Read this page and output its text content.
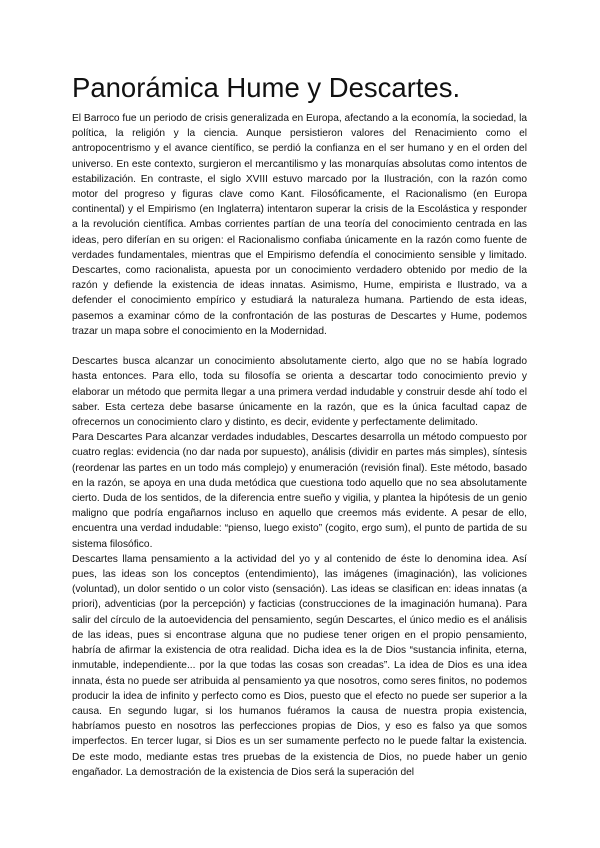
Panorámica Hume y Descartes.

El Barroco fue un periodo de crisis generalizada en Europa, afectando a la economía, la sociedad, la política, la religión y la ciencia. Aunque persistieron valores del Renacimiento como el antropocentrismo y el avance científico, se perdió la confianza en el ser humano y en el orden del universo. En este contexto, surgieron el mercantilismo y las monarquías absolutas como intentos de estabilización. En contraste, el siglo XVIII estuvo marcado por la Ilustración, con la razón como motor del progreso y figuras clave como Kant. Filosóficamente, el Racionalismo (en Europa continental) y el Empirismo (en Inglaterra) intentaron superar la crisis de la Escolástica y responder a la revolución científica. Ambas corrientes partían de una teoría del conocimiento centrada en las ideas, pero diferían en su origen: el Racionalismo confiaba únicamente en la razón como fuente de verdades fundamentales, mientras que el Empirismo defendía el conocimiento sensible y limitado. Descartes, como racionalista, apuesta por un conocimiento verdadero obtenido por medio de la razón y defiende la existencia de ideas innatas. Asimismo, Hume, empirista e Ilustrado, va a defender el conocimiento empírico y estudiará la naturaleza humana. Partiendo de esta ideas, pasemos a examinar cómo de la confrontación de las posturas de Descartes y Hume, podemos trazar un mapa sobre el conocimiento en la Modernidad.

Descartes busca alcanzar un conocimiento absolutamente cierto, algo que no se había logrado hasta entonces. Para ello, toda su filosofía se orienta a descartar todo conocimiento previo y elaborar un método que permita llegar a una primera verdad indudable y construir desde ahí todo el saber. Esta certeza debe basarse únicamente en la razón, que es la única facultad capaz de ofrecernos un conocimiento claro y distinto, es decir, evidente y perfectamente delimitado.

Para Descartes Para alcanzar verdades indudables, Descartes desarrolla un método compuesto por cuatro reglas: evidencia (no dar nada por supuesto), análisis (dividir en partes más simples), síntesis (reordenar las partes en un todo más complejo) y enumeración (revisión final). Este método, basado en la razón, se apoya en una duda metódica que cuestiona todo aquello que no sea absolutamente cierto. Duda de los sentidos, de la diferencia entre sueño y vigilia, y plantea la hipótesis de un genio maligno que podría engañarnos incluso en aquello que creemos más evidente. A pesar de ello, encuentra una verdad indudable: “pienso, luego existo” (cogito, ergo sum), el punto de partida de su sistema filosófico.

Descartes llama pensamiento a la actividad del yo y al contenido de éste lo denomina idea. Así pues, las ideas son los conceptos (entendimiento), las imágenes (imaginación), las voliciones (voluntad), un dolor sentido o un color visto (sensación). Las ideas se clasifican en: ideas innatas (a priori), adventicias (por la percepción) y facticias (construcciones de la imaginación humana). Para salir del círculo de la autoevidencia del pensamiento, según Descartes, el único medio es el análisis de las ideas, pues si encontrase alguna que no pudiese tener origen en el propio pensamiento, habría de afirmar la existencia de otra realidad. Dicha idea es la de Dios “sustancia infinita, eterna, inmutable, independiente... por la que todas las cosas son creadas”. La idea de Dios es una idea innata, ésta no puede ser atribuida al pensamiento ya que nosotros, como seres finitos, no podemos producir la idea de infinito y perfecto como es Dios, puesto que el efecto no puede ser superior a la causa. En segundo lugar, si los humanos fuéramos la causa de nuestra propia existencia, habríamos puesto en nosotros las perfecciones propias de Dios, y eso es falso ya que somos imperfectos. En tercer lugar, si Dios es un ser sumamente perfecto no le puede faltar la existencia. De este modo, mediante estas tres pruebas de la existencia de Dios, no puede haber un genio engañador. La demostración de la existencia de Dios será la superación del
